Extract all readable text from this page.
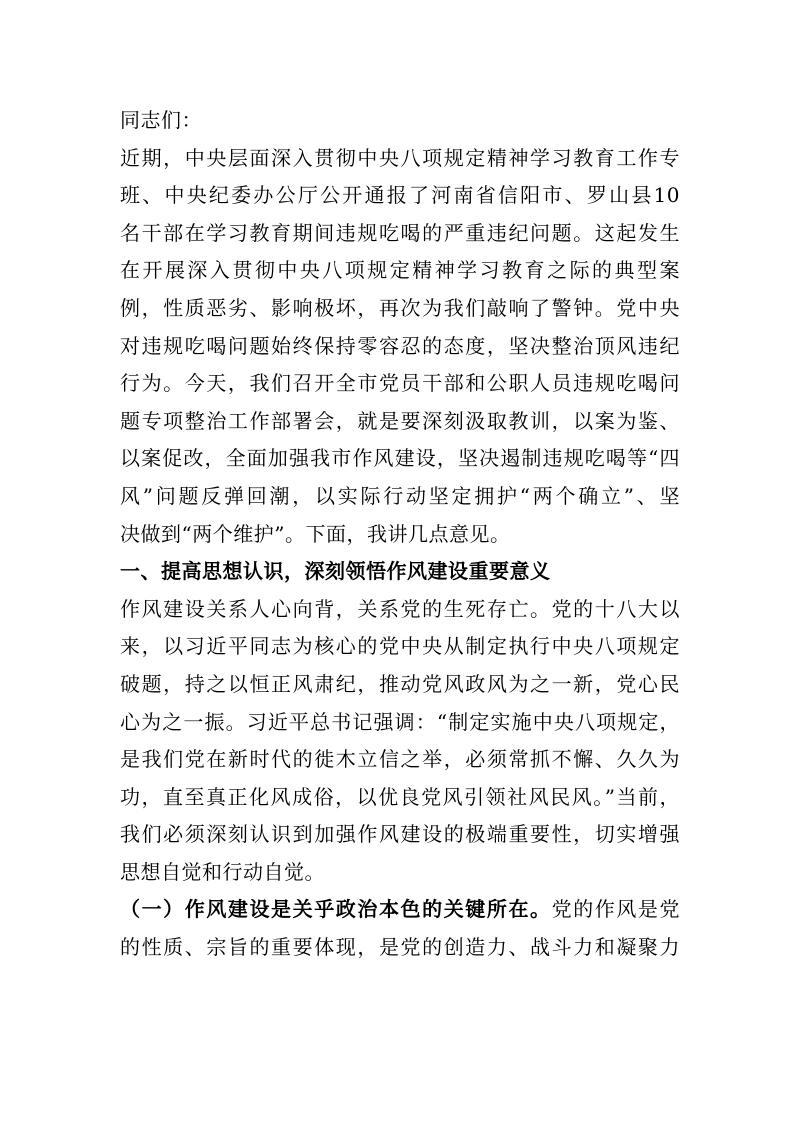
同志们：
近期，中央层面深入贯彻中央八项规定精神学习教育工作专
班、中央纪委办公厅公开通报了河南省信阳市、罗山县10
名干部在学习教育期间违规吃喝的严重违纪问题。这起发生
在开展深入贯彻中央八项规定精神学习教育之际的典型案
例，性质恶劣、影响极坏，再次为我们敲响了警钟。党中央
对违规吃喝问题始终保持零容忍的态度，坚决整治顶风违纪
行为。今天，我们召开全市党员干部和公职人员违规吃喝问
题专项整治工作部署会，就是要深刻汲取教训，以案为鉴、
以案促改，全面加强我市作风建设，坚决遏制违规吃喝等“四
风”问题反弹回潮，以实际行动坚定拥护“两个确立”、坚
决做到“两个维护”。下面，我讲几点意见。
一、提高思想认识，深刻领悟作风建设重要意义
作风建设关系人心向背，关系党的生死存亡。党的十八大以
来，以习近平同志为核心的党中央从制定执行中央八项规定
破题，持之以恒正风肃纪，推动党风政风为之一新，党心民
心为之一振。习近平总书记强调：“制定实施中央八项规定，
是我们党在新时代的徙木立信之举，必须常抓不懈、久久为
功，直至真正化风成俗，以优良党风引领社风民风。”当前，
我们必须深刻认识到加强作风建设的极端重要性，切实增强
思想自觉和行动自觉。
（一）作风建设是关乎政治本色的关键所在。党的作风是党
的性质、宗旨的重要体现，是党的创造力、战斗力和凝聚力
